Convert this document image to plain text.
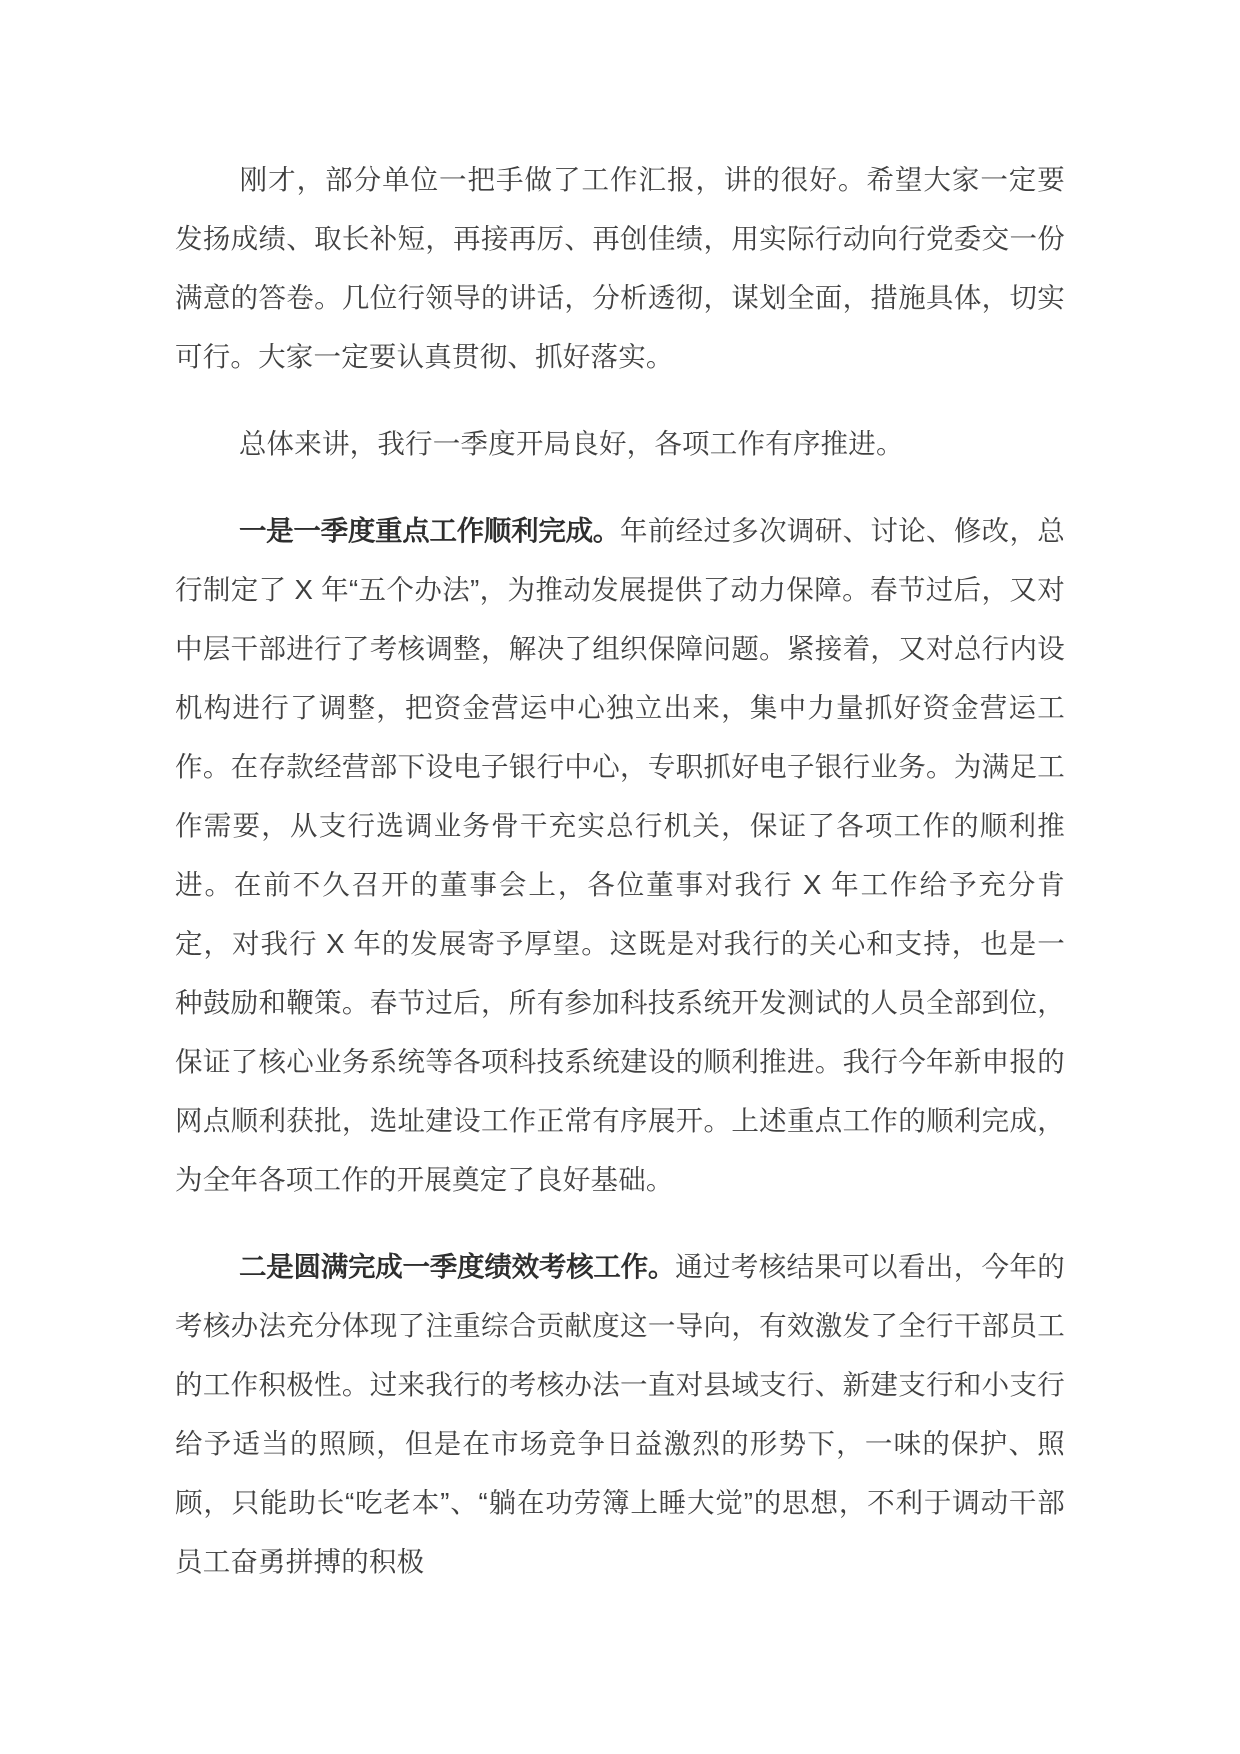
刚才，部分单位一把手做了工作汇报，讲的很好。希望大家一定要发扬成绩、取长补短，再接再厉、再创佳绩，用实际行动向行党委交一份满意的答卷。几位行领导的讲话，分析透彻，谋划全面，措施具体，切实可行。大家一定要认真贯彻、抓好落实。

总体来讲，我行一季度开局良好，各项工作有序推进。

一是一季度重点工作顺利完成。年前经过多次调研、讨论、修改，总行制定了 X 年“五个办法”，为推动发展提供了动力保障。春节过后，又对中层干部进行了考核调整，解决了组织保障问题。紧接着，又对总行内设机构进行了调整，把资金营运中心独立出来，集中力量抓好资金营运工作。在存款经营部下设电子银行中心，专职抓好电子银行业务。为满足工作需要，从支行选调业务骨干充实总行机关，保证了各项工作的顺利推进。在前不久召开的董事会上，各位董事对我行 X 年工作给予充分肯定，对我行 X 年的发展寄予厚望。这既是对我行的关心和支持，也是一种鼓励和鞭策。春节过后，所有参加科技系统开发测试的人员全部到位，保证了核心业务系统等各项科技系统建设的顺利推进。我行今年新申报的网点顺利获批，选址建设工作正常有序展开。上述重点工作的顺利完成，为全年各项工作的开展奠定了良好基础。

二是圆满完成一季度绩效考核工作。通过考核结果可以看出，今年的考核办法充分体现了注重综合贡献度这一导向，有效激发了全行干部员工的工作积极性。过来我行的考核办法一直对县域支行、新建支行和小支行给予适当的照顾，但是在市场竞争日益激烈的形势下，一味的保护、照顾，只能助长“吃老本”、“躺在功劳簿上睡大觉”的思想，不利于调动干部员工奋勇拼搏的积极
